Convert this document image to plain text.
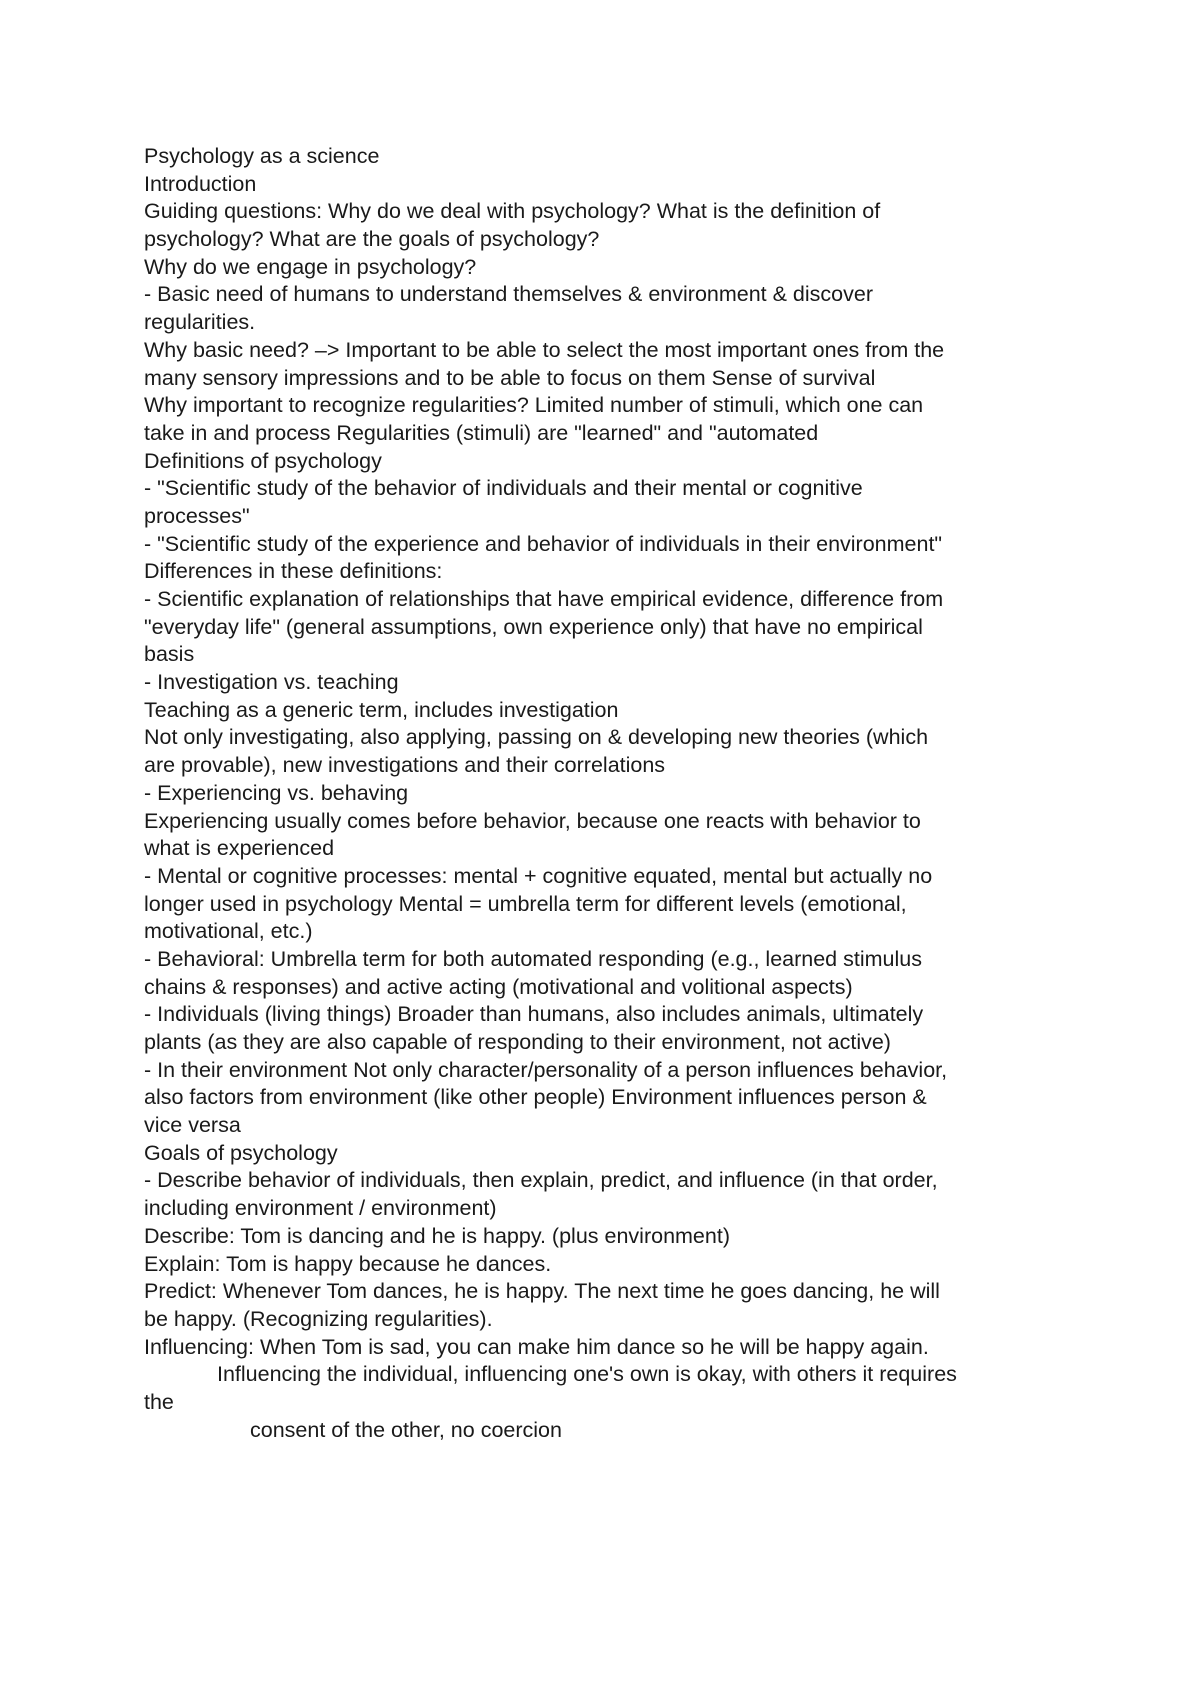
Psychology as a science
Introduction
Guiding questions: Why do we deal with psychology? What is the definition of
psychology? What are the goals of psychology?
Why do we engage in psychology?
- Basic need of humans to understand themselves & environment & discover
regularities.
Why basic need? –> Important to be able to select the most important ones from the
many sensory impressions and to be able to focus on them Sense of survival
Why important to recognize regularities? Limited number of stimuli, which one can
take in and process Regularities (stimuli) are "learned" and "automated
Definitions of psychology
- "Scientific study of the behavior of individuals and their mental or cognitive
processes"
- "Scientific study of the experience and behavior of individuals in their environment"
Differences in these definitions:
- Scientific explanation of relationships that have empirical evidence, difference from
"everyday life" (general assumptions, own experience only) that have no empirical
basis
- Investigation vs. teaching
Teaching as a generic term, includes investigation
Not only investigating, also applying, passing on & developing new theories (which
are provable), new investigations and their correlations
- Experiencing vs. behaving
Experiencing usually comes before behavior, because one reacts with behavior to
what is experienced
- Mental or cognitive processes: mental + cognitive equated, mental but actually no
longer used in psychology Mental = umbrella term for different levels (emotional,
motivational, etc.)
- Behavioral: Umbrella term for both automated responding (e.g., learned stimulus
chains & responses) and active acting (motivational and volitional aspects)
- Individuals (living things) Broader than humans, also includes animals, ultimately
plants (as they are also capable of responding to their environment, not active)
- In their environment Not only character/personality of a person influences behavior,
also factors from environment (like other people) Environment influences person &
vice versa
Goals of psychology
- Describe behavior of individuals, then explain, predict, and influence (in that order,
including environment / environment)
Describe: Tom is dancing and he is happy. (plus environment)
Explain: Tom is happy because he dances.
Predict: Whenever Tom dances, he is happy. The next time he goes dancing, he will
be happy. (Recognizing regularities).
Influencing: When Tom is sad, you can make him dance so he will be happy again.
Influencing the individual, influencing one's own is okay, with others it requires
the
consent of the other, no coercion
